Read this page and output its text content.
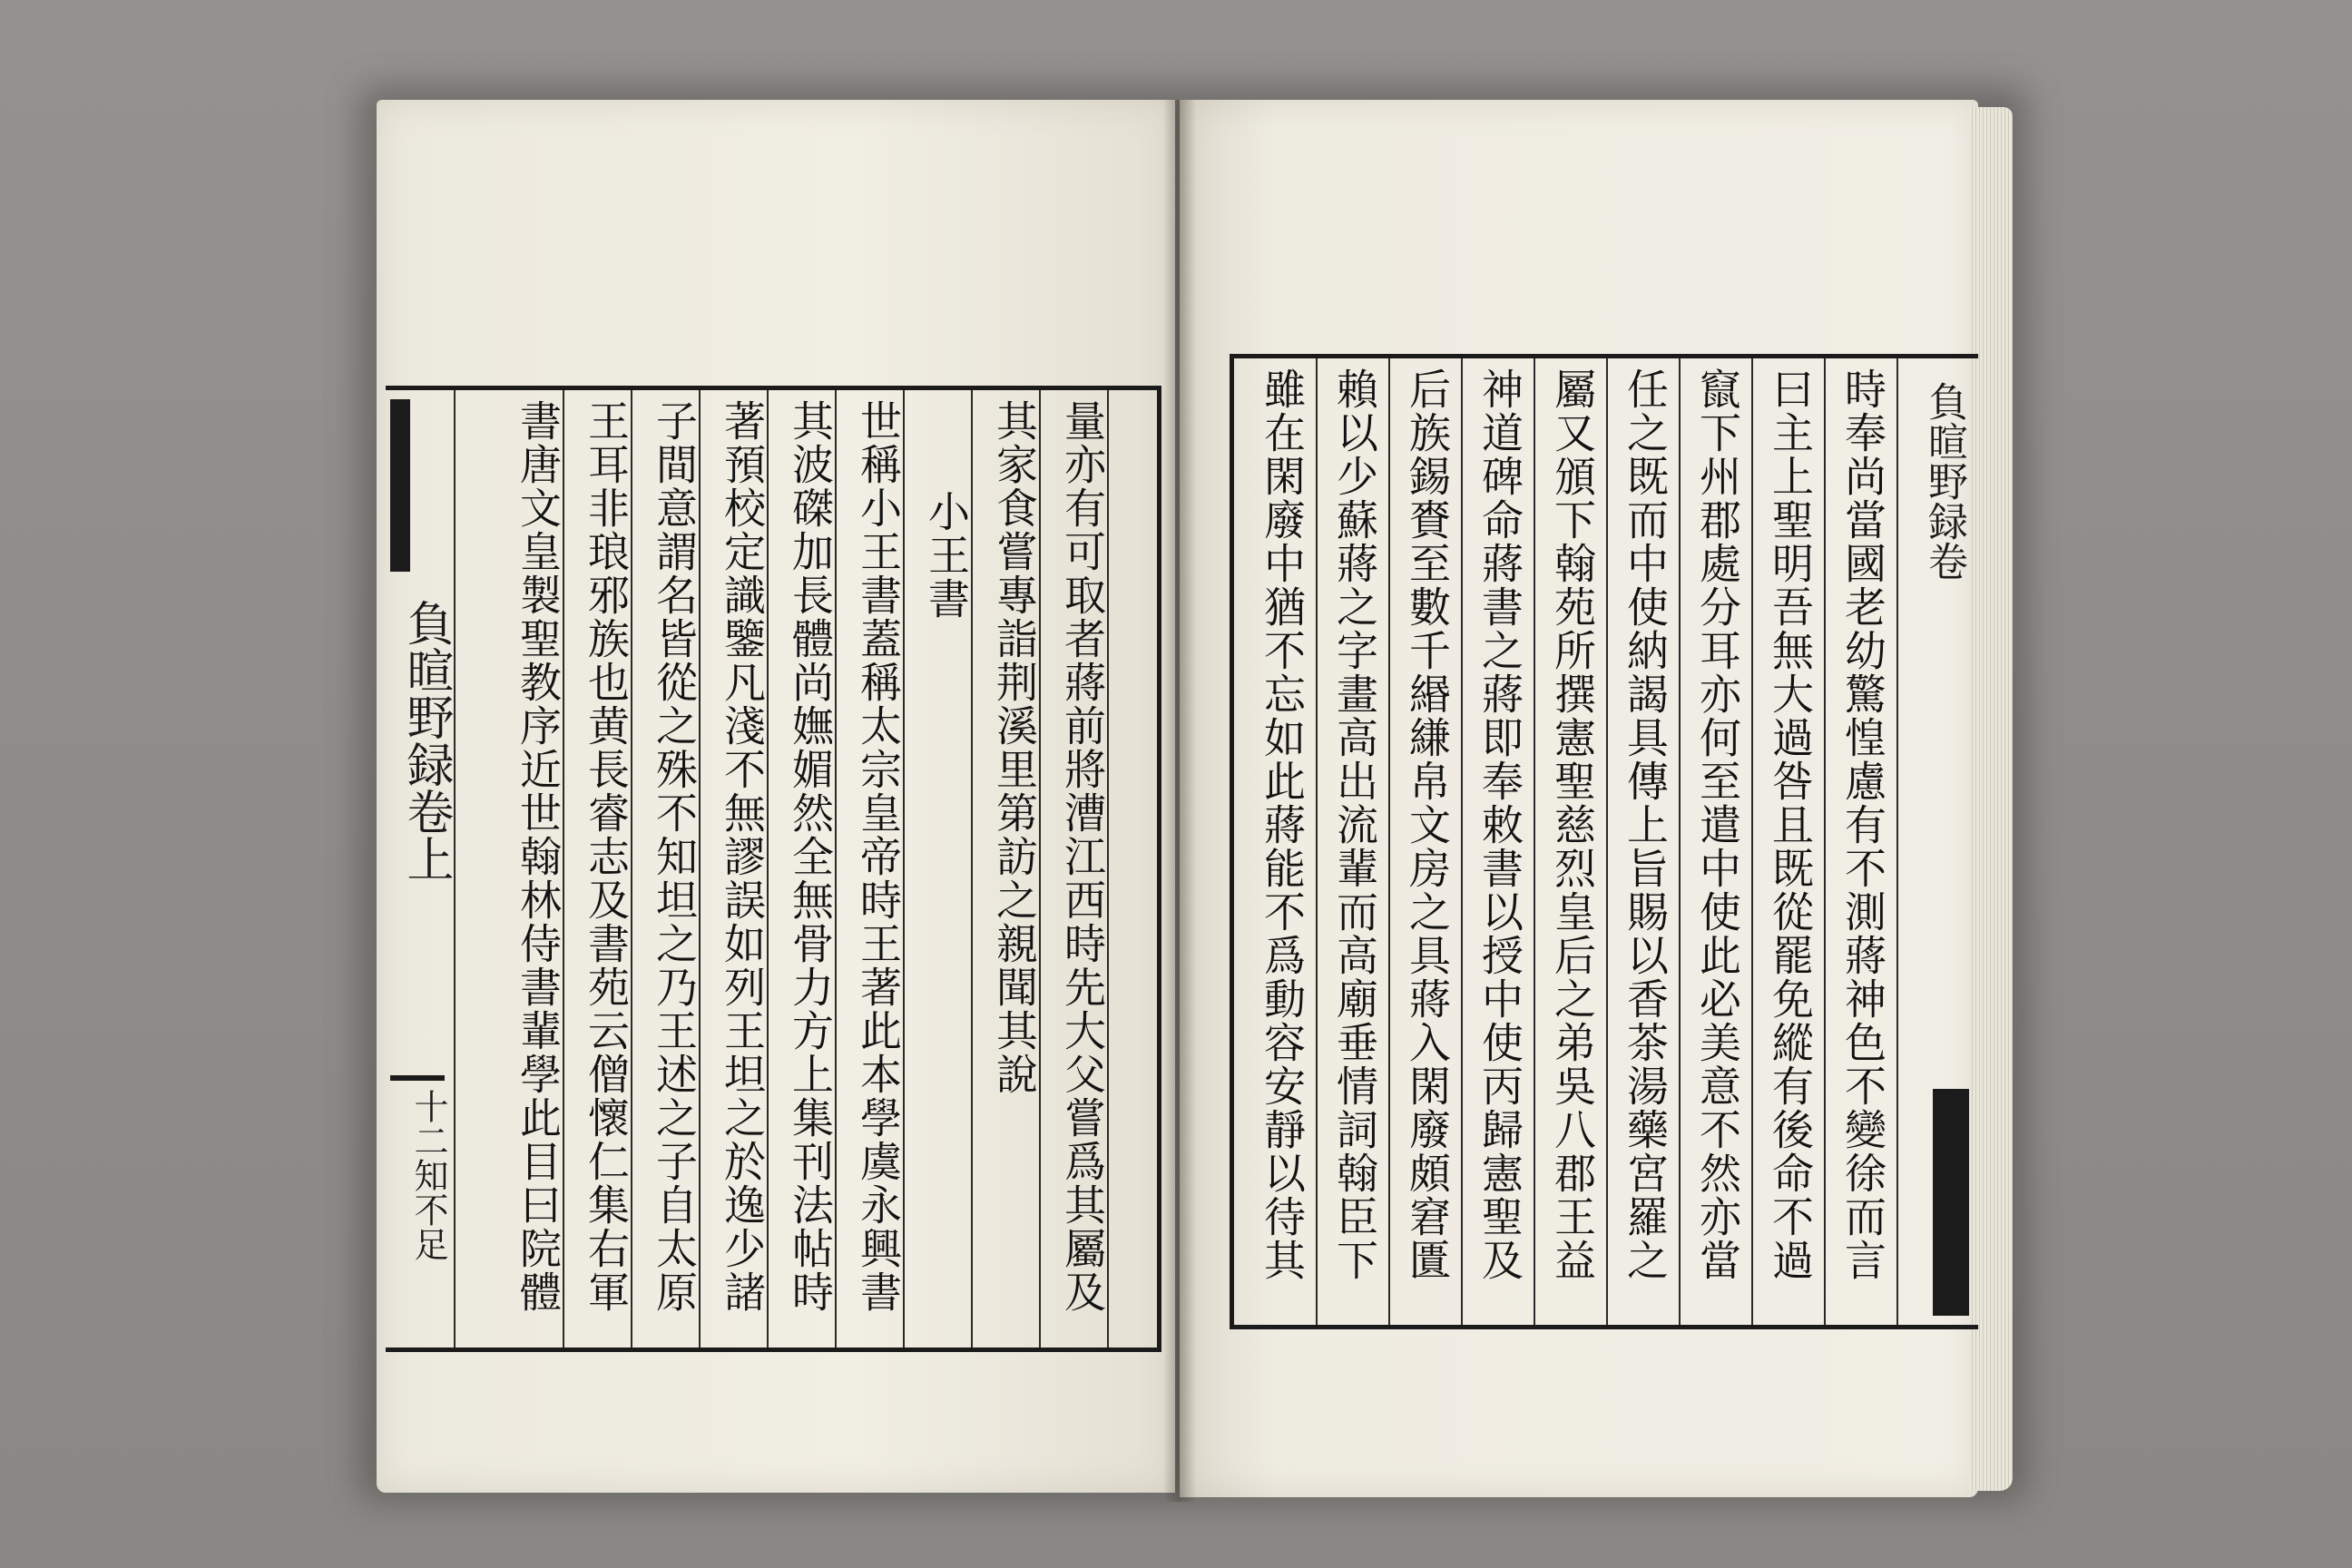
量亦有可取者蔣前將漕江西時先大父嘗爲其屬及
其家食嘗專詣荆溪里第訪之親聞其說
小王書
世稱小王書蓋稱太宗皇帝時王著此本學虞永興書
其波磔加長體尚嫵媚然全無骨力方上集刊法帖時
著預校定識鑒凡淺不無謬誤如列王坦之於逸少諸
子間意謂名皆從之殊不知坦之乃王述之子自太原
王耳非琅邪族也黄長睿志及書苑云僧懷仁集右軍
書唐文皇製聖教序近世翰林侍書輩學此目曰院體
負暄野録卷上
十二知不足	時奉尚當國老幼驚惶慮有不測蔣神色不變徐而言
曰主上聖明吾無大過咎且既從罷免縱有後命不過
竄下州郡處分耳亦何至遣中使此必美意不然亦當
任之既而中使納謁具傳上旨賜以香茶湯藥宮羅之
屬又頒下翰苑所撰憲聖慈烈皇后之弟吳八郡王益
神道碑命蔣書之蔣即奉敕書以授中使丙歸憲聖及
后族錫賚至數千緡縑帛文房之具蔣入閑廢頗窘匱
賴以少蘇蔣之字畫高出流輩而高廟垂情詞翰臣下
雖在閑廢中猶不忘如此蔣能不爲動容安靜以待其	負暄野録卷
